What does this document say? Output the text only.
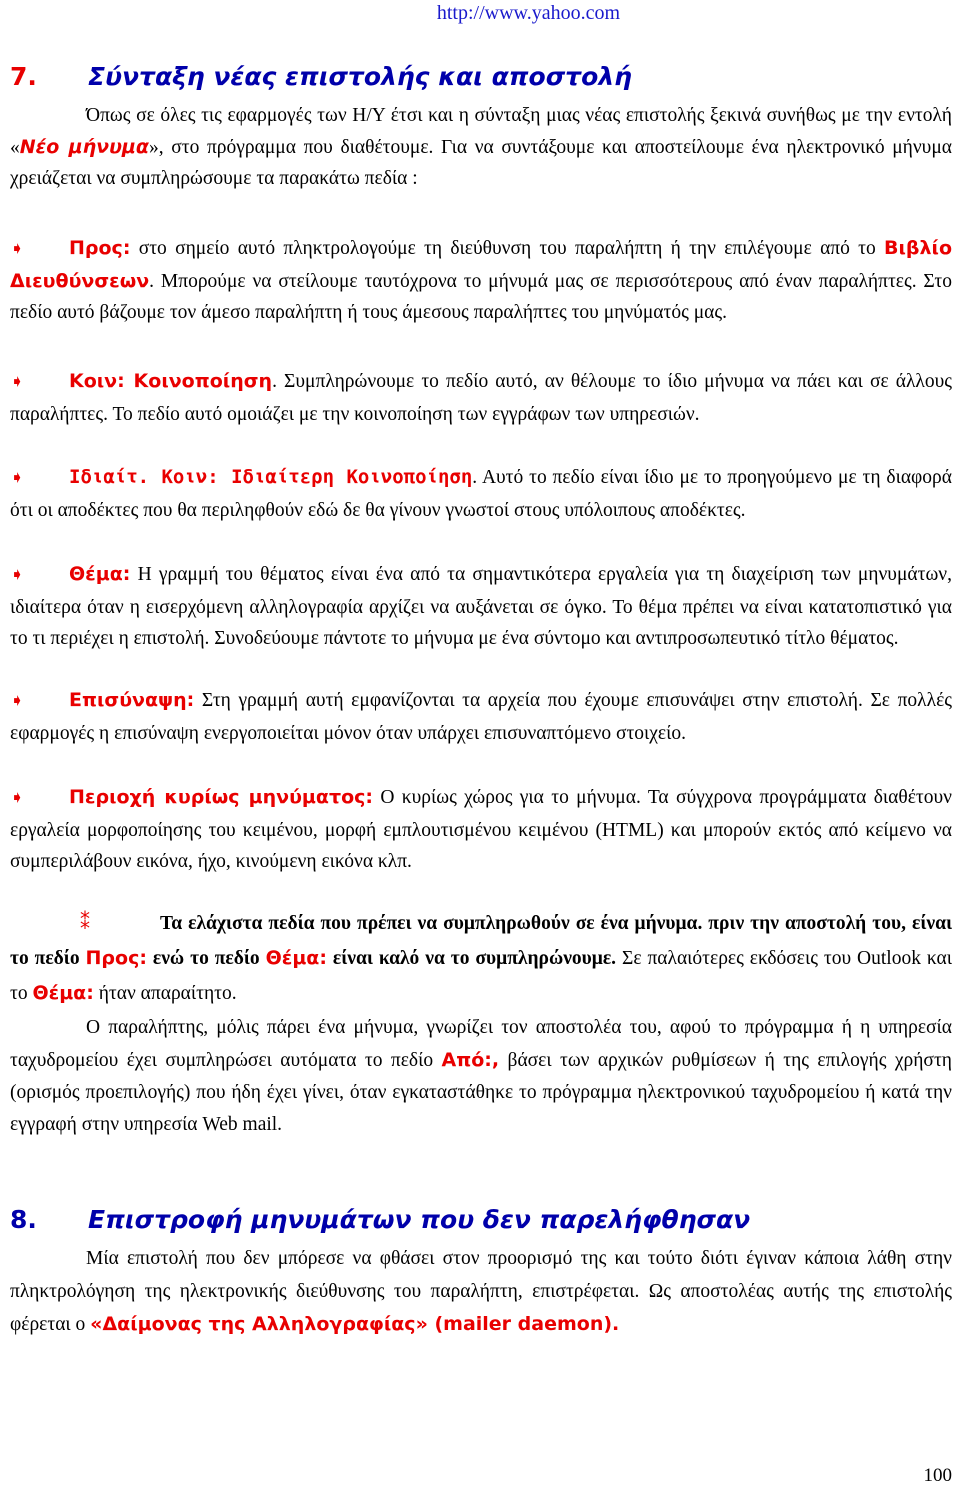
http://www.yahoo.com
7. Σύνταξη νέας επιστολής και αποστολή
Όπως σε όλες τις εφαρμογές των Η/Υ έτσι και η σύνταξη μιας νέας επιστολής ξεκινά συνήθως με την εντολή «Νέο μήνυμα», στο πρόγραμμα που διαθέτουμε. Για να συντάξουμε και αποστείλουμε ένα ηλεκτρονικό μήνυμα χρειάζεται να συμπληρώσουμε τα παρακάτω πεδία :
➧ Προς: στο σημείο αυτό πληκτρολογούμε τη διεύθυνση του παραλήπτη ή την επιλέγουμε από το Βιβλίο Διευθύνσεων. Μπορούμε να στείλουμε ταυτόχρονα το μήνυμά μας σε περισσότερους από έναν παραλήπτες. Στο πεδίο αυτό βάζουμε τον άμεσο παραλήπτη ή τους άμεσους παραλήπτες του μηνύματός μας.
➧ Κοιν: Κοινοποίηση. Συμπληρώνουμε το πεδίο αυτό, αν θέλουμε το ίδιο μήνυμα να πάει και σε άλλους παραλήπτες. Το πεδίο αυτό ομοιάζει με την κοινοποίηση των εγγράφων των υπηρεσιών.
➧ Ιδιαίτ. Κοιν: Ιδιαίτερη Κοινοποίηση. Αυτό το πεδίο είναι ίδιο με το προηγούμενο με τη διαφορά ότι οι αποδέκτες που θα περιληφθούν εδώ δε θα γίνουν γνωστοί στους υπόλοιπους αποδέκτες.
➧ Θέμα: Η γραμμή του θέματος είναι ένα από τα σημαντικότερα εργαλεία για τη διαχείριση των μηνυμάτων, ιδιαίτερα όταν η εισερχόμενη αλληλογραφία αρχίζει να αυξάνεται σε όγκο. Το θέμα πρέπει να είναι κατατοπιστικό για το τι περιέχει η επιστολή. Συνοδεύουμε πάντοτε το μήνυμα με ένα σύντομο και αντιπροσωπευτικό τίτλο θέματος.
➧ Επισύναψη: Στη γραμμή αυτή εμφανίζονται τα αρχεία που έχουμε επισυνάψει στην επιστολή. Σε πολλές εφαρμογές η επισύναψη ενεργοποιείται μόνον όταν υπάρχει επισυναπτόμενο στοιχείο.
➧ Περιοχή κυρίως μηνύματος: Ο κυρίως χώρος για το μήνυμα. Τα σύγχρονα προγράμματα διαθέτουν εργαλεία μορφοποίησης του κειμένου, μορφή εμπλουτισμένου κειμένου (HTML) και μπορούν εκτός από κείμενο να συμπεριλάβουν εικόνα, ήχο, κινούμενη εικόνα κλπ.
⁑	Τα ελάχιστα πεδία που πρέπει να συμπληρωθούν σε ένα μήνυμα. πριν την αποστολή του, είναι το πεδίο Προς: ενώ το πεδίο Θέμα: είναι καλό να το συμπληρώνουμε. Σε παλαιότερες εκδόσεις του Outlook και το Θέμα: ήταν απαραίτητο.
Ο παραλήπτης, μόλις πάρει ένα μήνυμα, γνωρίζει τον αποστολέα του, αφού το πρόγραμμα ή η υπηρεσία ταχυδρομείου έχει συμπληρώσει αυτόματα το πεδίο Από:, βάσει των αρχικών ρυθμίσεων ή της επιλογής χρήστη (ορισμός προεπιλογής) που ήδη έχει γίνει, όταν εγκαταστάθηκε το πρόγραμμα ηλεκτρονικού ταχυδρομείου ή κατά την εγγραφή στην υπηρεσία Web mail.
8. Επιστροφή μηνυμάτων που δεν παρελήφθησαν
Μία επιστολή που δεν μπόρεσε να φθάσει στον προορισμό της και τούτο διότι έγιναν κάποια λάθη στην πληκτρολόγηση της ηλεκτρονικής διεύθυνσης του παραλήπτη, επιστρέφεται. Ως αποστολέας αυτής της επιστολής φέρεται ο «Δαίμονας της Αλληλογραφίας» (mailer daemon).
100
